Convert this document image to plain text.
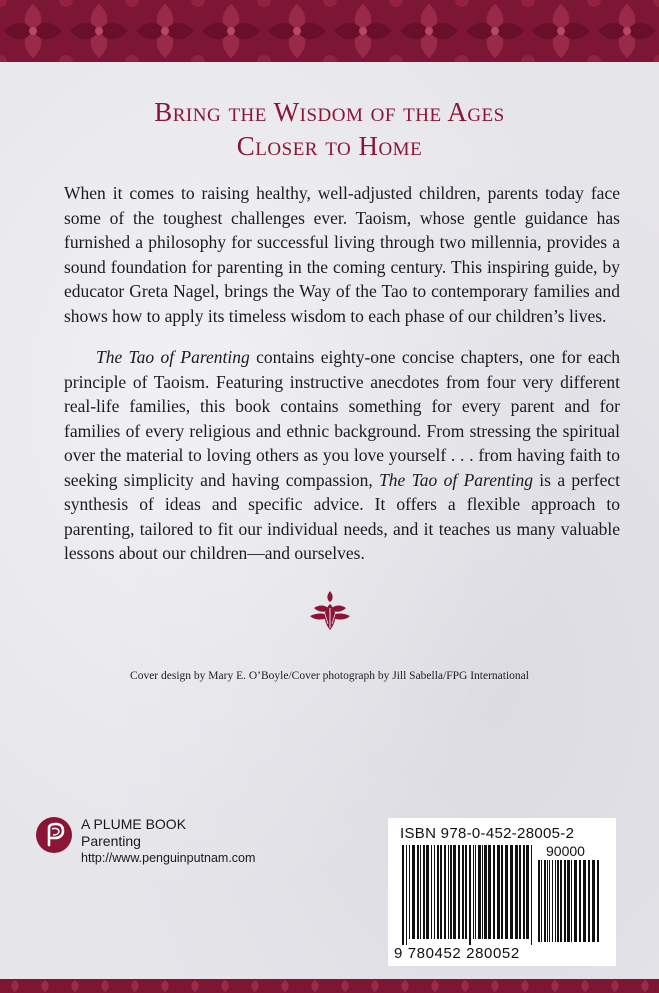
Bring the Wisdom of the Ages
Closer to Home
When it comes to raising healthy, well-adjusted children, parents today face some of the toughest challenges ever. Taoism, whose gentle guidance has furnished a philosophy for successful living through two millennia, provides a sound foundation for parenting in the coming century. This inspiring guide, by educator Greta Nagel, brings the Way of the Tao to contemporary families and shows how to apply its timeless wisdom to each phase of our children’s lives.
The Tao of Parenting contains eighty-one concise chapters, one for each principle of Taoism. Featuring instructive anecdotes from four very different real-life families, this book contains something for every parent and for families of every religious and ethnic background. From stressing the spiritual over the material to loving others as you love yourself . . . from having faith to seeking simplicity and having compassion, The Tao of Parenting is a perfect synthesis of ideas and specific advice. It offers a flexible approach to parenting, tailored to fit our individual needs, and it teaches us many valuable lessons about our children—and ourselves.
Cover design by Mary E. O’Boyle/Cover photograph by Jill Sabella/FPG International
A PLUME BOOK
Parenting
http://www.penguinputnam.com
ISBN 978-0-452-28005-2
90000
9 780452 280052
